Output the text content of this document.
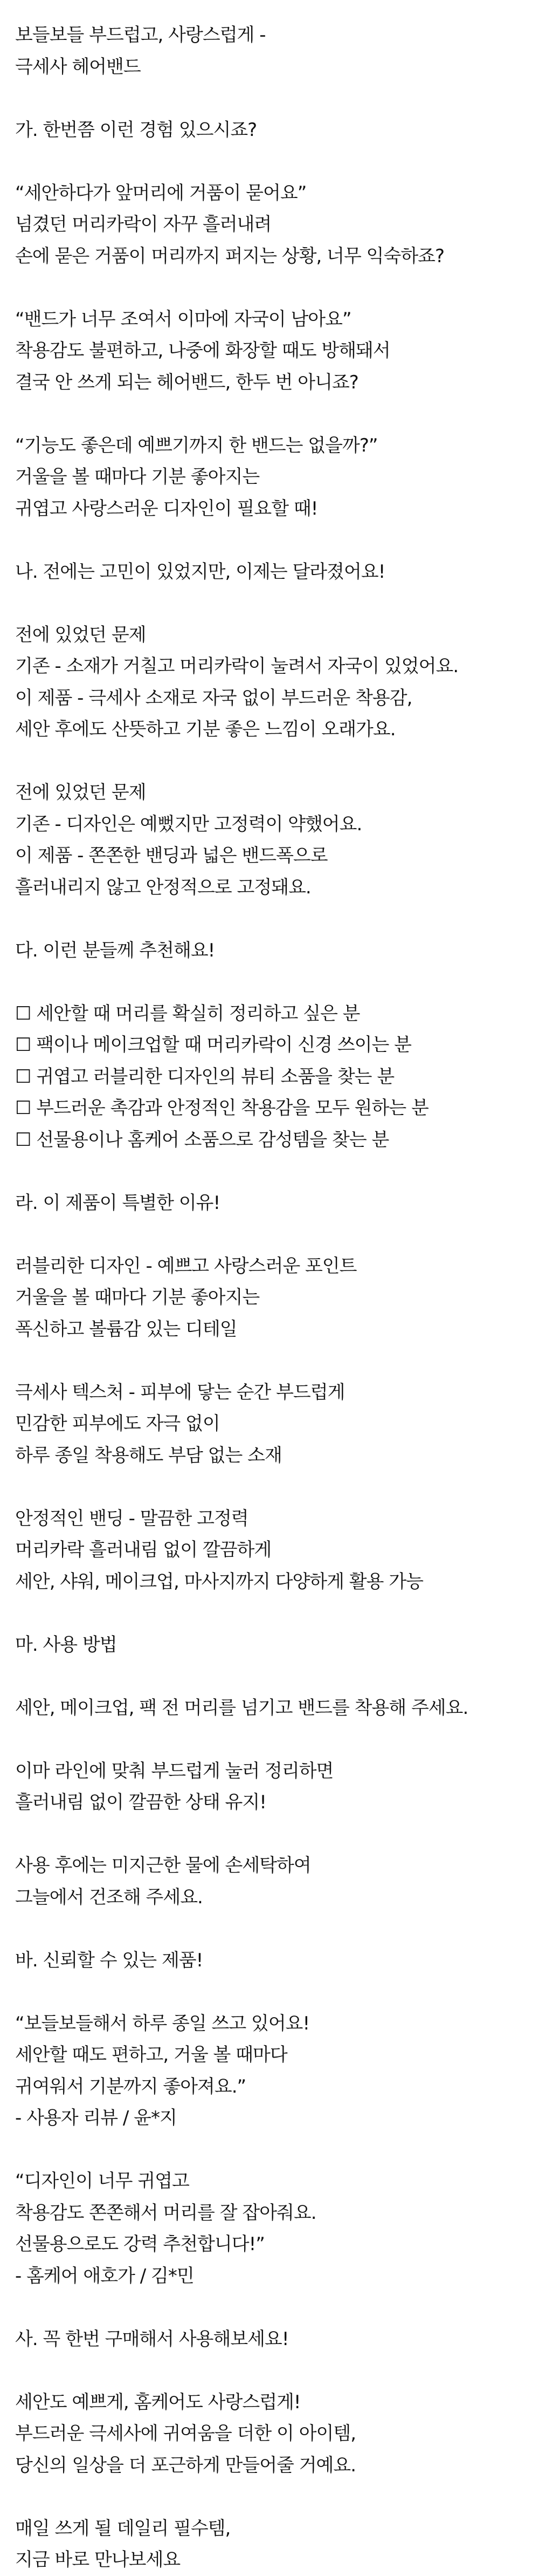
보들보들 부드럽고, 사랑스럽게 -
극세사 헤어밴드
가. 한번쯤 이런 경험 있으시죠?
“세안하다가 앞머리에 거품이 묻어요”
넘겼던 머리카락이 자꾸 흘러내려
손에 묻은 거품이 머리까지 퍼지는 상황, 너무 익숙하죠?
“밴드가 너무 조여서 이마에 자국이 남아요”
착용감도 불편하고, 나중에 화장할 때도 방해돼서
결국 안 쓰게 되는 헤어밴드, 한두 번 아니죠?
“기능도 좋은데 예쁘기까지 한 밴드는 없을까?”
거울을 볼 때마다 기분 좋아지는
귀엽고 사랑스러운 디자인이 필요할 때!
나. 전에는 고민이 있었지만, 이제는 달라졌어요!
전에 있었던 문제
기존 - 소재가 거칠고 머리카락이 눌려서 자국이 있었어요.
이 제품 - 극세사 소재로 자국 없이 부드러운 착용감,
세안 후에도 산뜻하고 기분 좋은 느낌이 오래가요.
전에 있었던 문제
기존 - 디자인은 예뻤지만 고정력이 약했어요.
이 제품 - 쫀쫀한 밴딩과 넓은 밴드폭으로
흘러내리지 않고 안정적으로 고정돼요.
다. 이런 분들께 추천해요!
☐ 세안할 때 머리를 확실히 정리하고 싶은 분
☐ 팩이나 메이크업할 때 머리카락이 신경 쓰이는 분
☐ 귀엽고 러블리한 디자인의 뷰티 소품을 찾는 분
☐ 부드러운 촉감과 안정적인 착용감을 모두 원하는 분
☐ 선물용이나 홈케어 소품으로 감성템을 찾는 분
라. 이 제품이 특별한 이유!
러블리한 디자인 - 예쁘고 사랑스러운 포인트
거울을 볼 때마다 기분 좋아지는
폭신하고 볼륨감 있는 디테일
극세사 텍스처 - 피부에 닿는 순간 부드럽게
민감한 피부에도 자극 없이
하루 종일 착용해도 부담 없는 소재
안정적인 밴딩 - 말끔한 고정력
머리카락 흘러내림 없이 깔끔하게
세안, 샤워, 메이크업, 마사지까지 다양하게 활용 가능
마. 사용 방법
세안, 메이크업, 팩 전 머리를 넘기고 밴드를 착용해 주세요.
이마 라인에 맞춰 부드럽게 눌러 정리하면
흘러내림 없이 깔끔한 상태 유지!
사용 후에는 미지근한 물에 손세탁하여
그늘에서 건조해 주세요.
바. 신뢰할 수 있는 제품!
“보들보들해서 하루 종일 쓰고 있어요!
세안할 때도 편하고, 거울 볼 때마다
귀여워서 기분까지 좋아져요.”
- 사용자 리뷰 / 윤*지
“디자인이 너무 귀엽고
착용감도 쫀쫀해서 머리를 잘 잡아줘요.
선물용으로도 강력 추천합니다!”
- 홈케어 애호가 / 김*민
사. 꼭 한번 구매해서 사용해보세요!
세안도 예쁘게, 홈케어도 사랑스럽게!
부드러운 극세사에 귀여움을 더한 이 아이템,
당신의 일상을 더 포근하게 만들어줄 거예요.
매일 쓰게 될 데일리 필수템,
지금 바로 만나보세요
